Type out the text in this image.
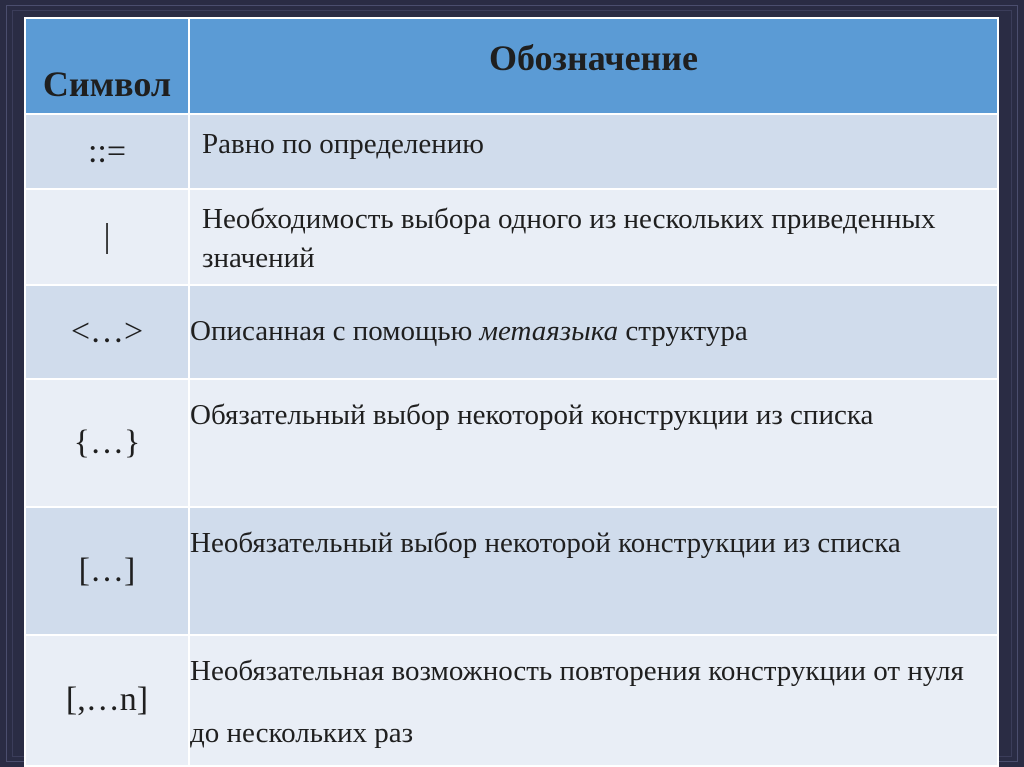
Символ	Обозначение
::=	Равно по определению
|	Необходимость выбора одного из нескольких приведенных значений
<…>	Описанная с помощью метаязыка структура
{…}	Обязательный выбор некоторой конструкции из списка
[…]	Необязательный выбор некоторой конструкции из списка
[,…n]	Необязательная возможность повторения конструкции от нуля до нескольких раз
